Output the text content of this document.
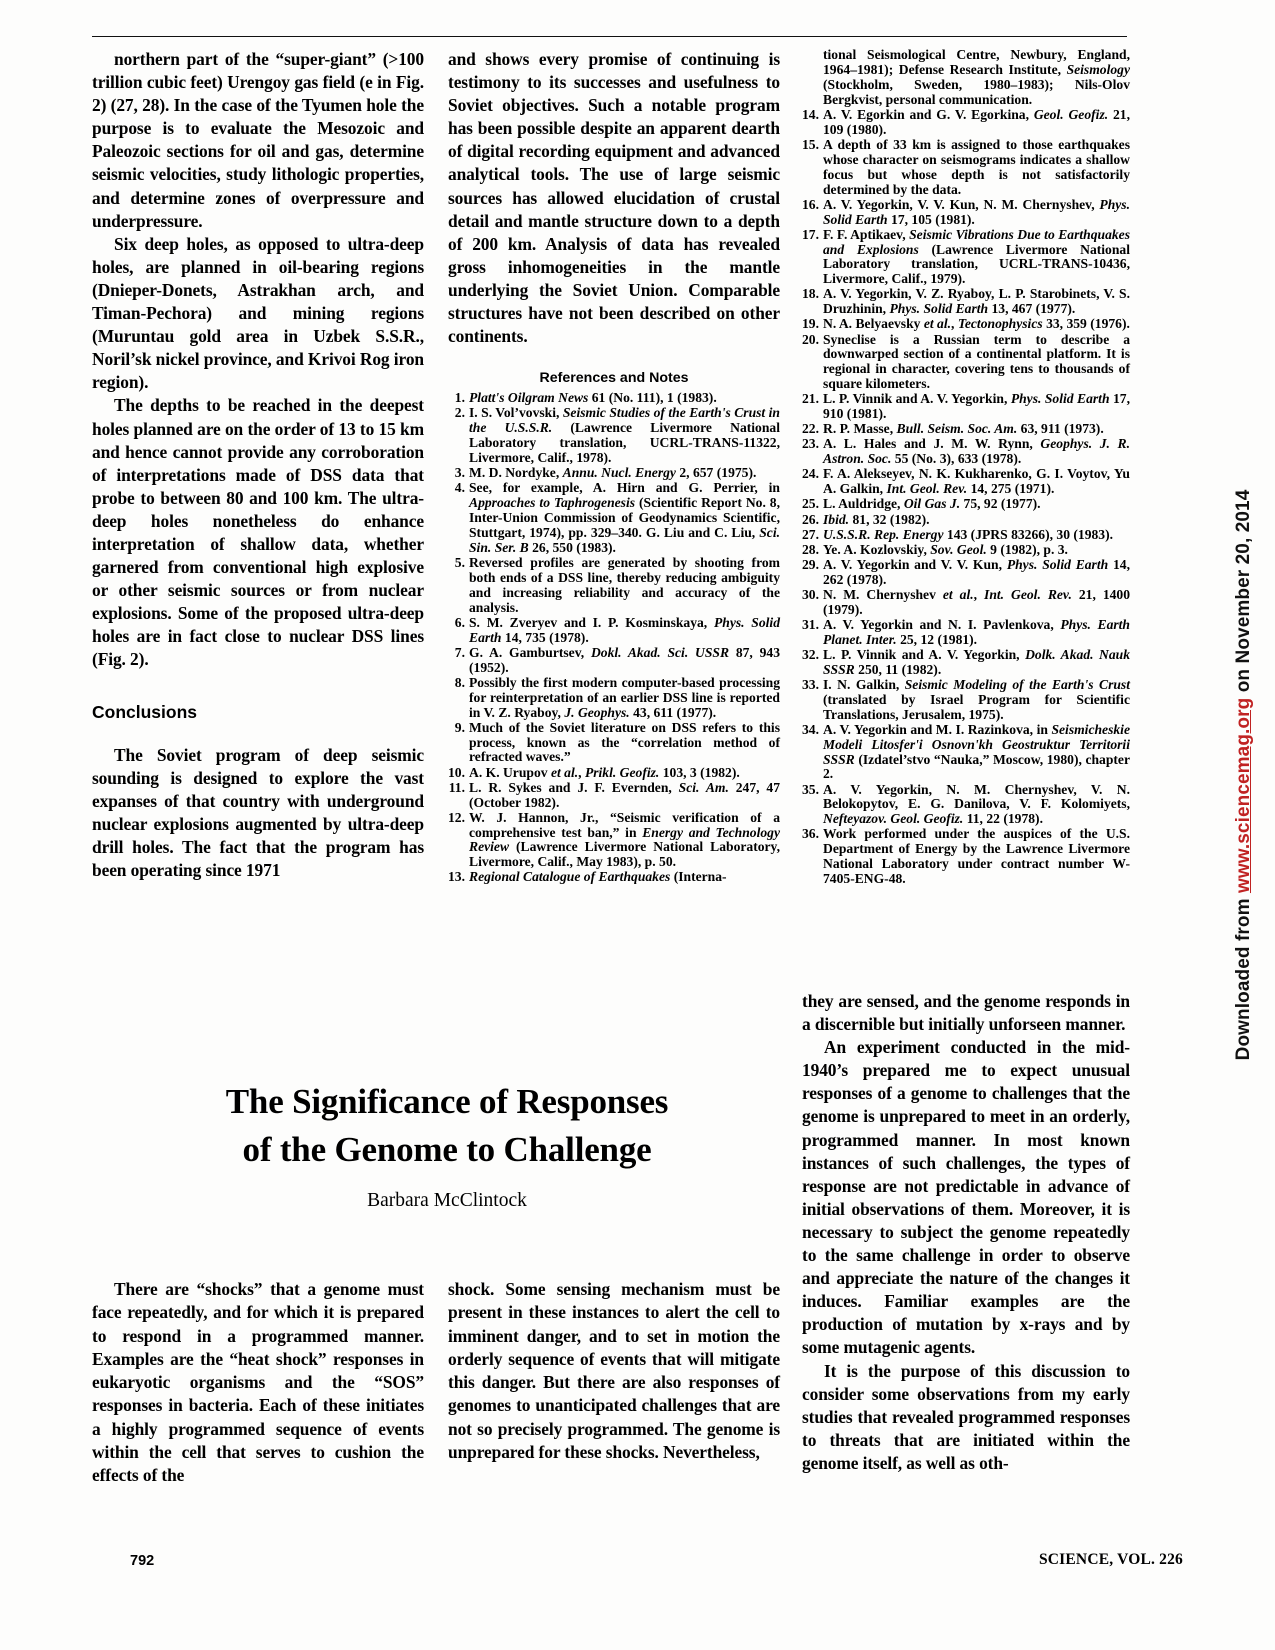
northern part of the “super-giant” (>100 trillion cubic feet) Urengoy gas field (e in Fig. 2) (27, 28). In the case of the Tyumen hole the purpose is to evaluate the Mesozoic and Paleozoic sections for oil and gas, determine seismic velocities, study lithologic properties, and determine zones of overpressure and underpressure.

Six deep holes, as opposed to ultra-deep holes, are planned in oil-bearing regions (Dnieper-Donets, Astrakhan arch, and Timan-Pechora) and mining regions (Muruntau gold area in Uzbek S.S.R., Noril’sk nickel province, and Krivoi Rog iron region).

The depths to be reached in the deepest holes planned are on the order of 13 to 15 km and hence cannot provide any corroboration of interpretations made of DSS data that probe to between 80 and 100 km. The ultra-deep holes nonetheless do enhance interpretation of shallow data, whether garnered from conventional high explosive or other seismic sources or from nuclear explosions. Some of the proposed ultra-deep holes are in fact close to nuclear DSS lines (Fig. 2).

Conclusions

The Soviet program of deep seismic sounding is designed to explore the vast expanses of that country with underground nuclear explosions augmented by ultra-deep drill holes. The fact that the program has been operating since 1971

and shows every promise of continuing is testimony to its successes and usefulness to Soviet objectives. Such a notable program has been possible despite an apparent dearth of digital recording equipment and advanced analytical tools. The use of large seismic sources has allowed elucidation of crustal detail and mantle structure down to a depth of 200 km. Analysis of data has revealed gross inhomogeneities in the mantle underlying the Soviet Union. Comparable structures have not been described on other continents.

References and Notes
1. Platt's Oilgram News 61 (No. 111), 1 (1983).
2. I. S. Vol’vovski, Seismic Studies of the Earth's Crust in the U.S.S.R. (Lawrence Livermore National Laboratory translation, UCRL-TRANS-11322, Livermore, Calif., 1978).
3. M. D. Nordyke, Annu. Nucl. Energy 2, 657 (1975).
4. See, for example, A. Hirn and G. Perrier, in Approaches to Taphrogenesis (Scientific Report No. 8, Inter-Union Commission of Geodynamics Scientific, Stuttgart, 1974), pp. 329–340. G. Liu and C. Liu, Sci. Sin. Ser. B 26, 550 (1983).
5. Reversed profiles are generated by shooting from both ends of a DSS line, thereby reducing ambiguity and increasing reliability and accuracy of the analysis.
6. S. M. Zveryev and I. P. Kosminskaya, Phys. Solid Earth 14, 735 (1978).
7. G. A. Gamburtsev, Dokl. Akad. Sci. USSR 87, 943 (1952).
8. Possibly the first modern computer-based processing for reinterpretation of an earlier DSS line is reported in V. Z. Ryaboy, J. Geophys. 43, 611 (1977).
9. Much of the Soviet literature on DSS refers to this process, known as the “correlation method of refracted waves.”
10. A. K. Urupov et al., Prikl. Geofiz. 103, 3 (1982).
11. L. R. Sykes and J. F. Evernden, Sci. Am. 247, 47 (October 1982).
12. W. J. Hannon, Jr., “Seismic verification of a comprehensive test ban,” in Energy and Technology Review (Lawrence Livermore National Laboratory, Livermore, Calif., May 1983), p. 50.
13. Regional Catalogue of Earthquakes (Interna-
tional Seismological Centre, Newbury, England, 1964–1981); Defense Research Institute, Seismology (Stockholm, Sweden, 1980–1983); Nils-Olov Bergkvist, personal communication.
14. A. V. Egorkin and G. V. Egorkina, Geol. Geofiz. 21, 109 (1980).
15. A depth of 33 km is assigned to those earthquakes whose character on seismograms indicates a shallow focus but whose depth is not satisfactorily determined by the data.
16. A. V. Yegorkin, V. V. Kun, N. M. Chernyshev, Phys. Solid Earth 17, 105 (1981).
17. F. F. Aptikaev, Seismic Vibrations Due to Earthquakes and Explosions (Lawrence Livermore National Laboratory translation, UCRL-TRANS-10436, Livermore, Calif., 1979).
18. A. V. Yegorkin, V. Z. Ryaboy, L. P. Starobinets, V. S. Druzhinin, Phys. Solid Earth 13, 467 (1977).
19. N. A. Belyaevsky et al., Tectonophysics 33, 359 (1976).
20. Syneclise is a Russian term to describe a downwarped section of a continental platform. It is regional in character, covering tens to thousands of square kilometers.
21. L. P. Vinnik and A. V. Yegorkin, Phys. Solid Earth 17, 910 (1981).
22. R. P. Masse, Bull. Seism. Soc. Am. 63, 911 (1973).
23. A. L. Hales and J. M. W. Rynn, Geophys. J. R. Astron. Soc. 55 (No. 3), 633 (1978).
24. F. A. Alekseyev, N. K. Kukharenko, G. I. Voytov, Yu A. Galkin, Int. Geol. Rev. 14, 275 (1971).
25. L. Auldridge, Oil Gas J. 75, 92 (1977).
26. Ibid. 81, 32 (1982).
27. U.S.S.R. Rep. Energy 143 (JPRS 83266), 30 (1983).
28. Ye. A. Kozlovskiy, Sov. Geol. 9 (1982), p. 3.
29. A. V. Yegorkin and V. V. Kun, Phys. Solid Earth 14, 262 (1978).
30. N. M. Chernyshev et al., Int. Geol. Rev. 21, 1400 (1979).
31. A. V. Yegorkin and N. I. Pavlenkova, Phys. Earth Planet. Inter. 25, 12 (1981).
32. L. P. Vinnik and A. V. Yegorkin, Dolk. Akad. Nauk SSSR 250, 11 (1982).
33. I. N. Galkin, Seismic Modeling of the Earth's Crust (translated by Israel Program for Scientific Translations, Jerusalem, 1975).
34. A. V. Yegorkin and M. I. Razinkova, in Seismicheskie Modeli Litosfer'i Osnovn'kh Geostruktur Territorii SSSR (Izdatel’stvo “Nauka,” Moscow, 1980), chapter 2.
35. A. V. Yegorkin, N. M. Chernyshev, V. N. Belokopytov, E. G. Danilova, V. F. Kolomiyets, Nefteyazov. Geol. Geofiz. 11, 22 (1978).
36. Work performed under the auspices of the U.S. Department of Energy by the Lawrence Livermore National Laboratory under contract number W-7405-ENG-48.
Downloaded from www.sciencemag.org on November 20, 2014
The Significance of Responses
of the Genome to Challenge
Barbara McClintock

they are sensed, and the genome responds in a discernible but initially unforseen manner.

An experiment conducted in the mid-1940’s prepared me to expect unusual responses of a genome to challenges that the genome is unprepared to meet in an orderly, programmed manner. In most known instances of such challenges, the types of response are not predictable in advance of initial observations of them. Moreover, it is necessary to subject the genome repeatedly to the same challenge in order to observe and appreciate the nature of the changes it induces. Familiar examples are the production of mutation by x-rays and by some mutagenic agents.

It is the purpose of this discussion to consider some observations from my early studies that revealed programmed responses to threats that are initiated within the genome itself, as well as oth-

There are “shocks” that a genome must face repeatedly, and for which it is prepared to respond in a programmed manner. Examples are the “heat shock” responses in eukaryotic organisms and the “SOS” responses in bacteria. Each of these initiates a highly programmed sequence of events within the cell that serves to cushion the effects of the

shock. Some sensing mechanism must be present in these instances to alert the cell to imminent danger, and to set in motion the orderly sequence of events that will mitigate this danger. But there are also responses of genomes to unanticipated challenges that are not so precisely programmed. The genome is unprepared for these shocks. Nevertheless,

792	SCIENCE, VOL. 226
